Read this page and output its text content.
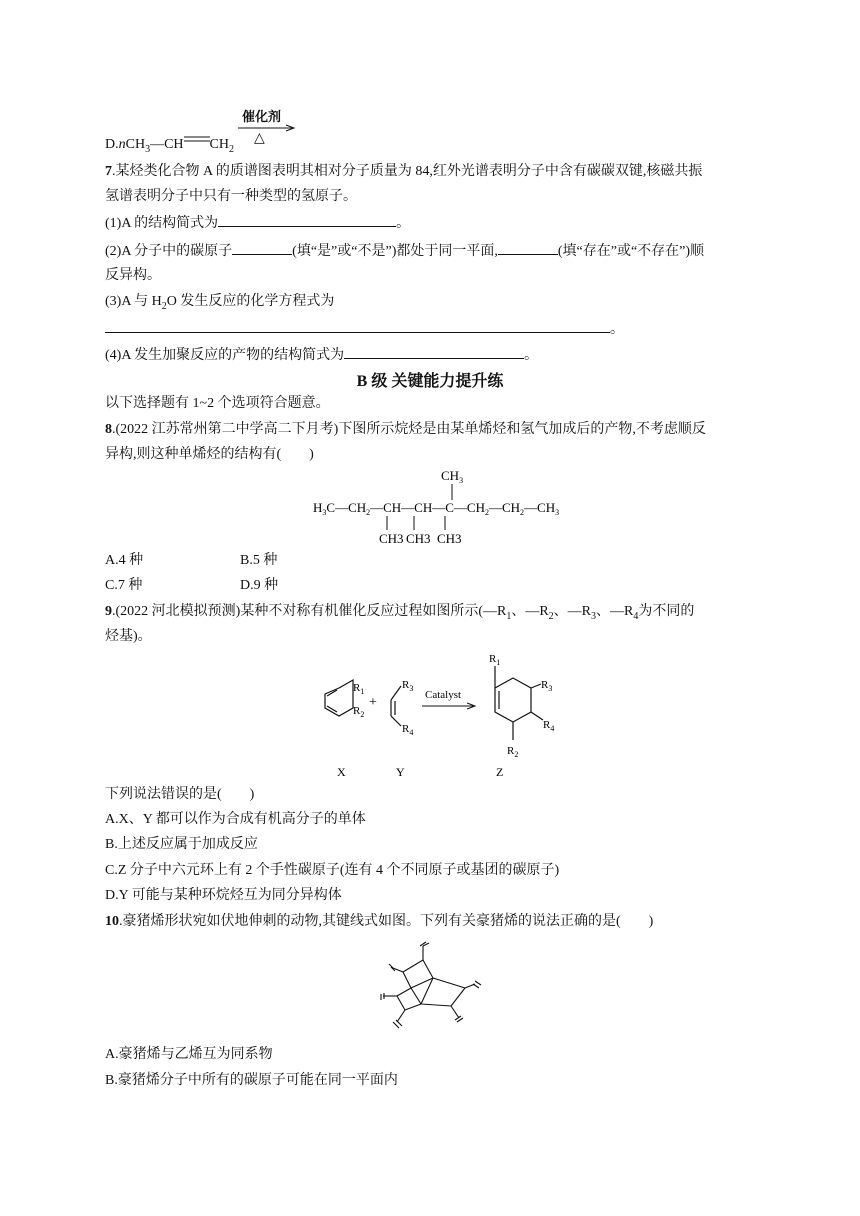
D.nCH$_3$—CH $CH_2$
催化剂
△
7.某烃类化合物 A 的质谱图表明其相对分子质量为 84,红外光谱表明分子中含有碳碳双键,核磁共振
氢谱表明分子中只有一种类型的氢原子。
(1)A 的结构简式为	。
(2)A 分子中的碳原子	(填“是”或“不是”)都处于同一平面,	(填“存在”或“不存在”)顺
反异构。
(3)A 与 $H_2O$ 发生反应的化学方程式为
。
(4)A 发生加聚反应的产物的结构简式为	。
B 级 关键能力提升练
以下选择题有 1~2 个选项符合题意。
8.(2022 江苏常州第二中学高二下月考)下图所示烷烃是由某单烯烃和氢气加成后的产物,不考虑顺反
异构,则这种单烯烃的结构有(　　)
$CH_3$
$H_3C—CH_2—CH—CH—C—CH_2—CH_2—CH_3$
CH3 CH3 CH3
A.4 种	B.5 种
C.7 种	D.9 种
9.(2022 河北模拟预测)某种不对称有机催化反应过程如图所示($—R_1$、$—R_2$、$—R_3$、$—R_4$为不同的
烃基)。
$R_1$
$R_2$
+
$R_3$
$R_4$
Catalyst
$R_1$
$R_3$
$R_4$
$R_2$
X	Y	Z
下列说法错误的是(　　)
A.X、Y 都可以作为合成有机高分子的单体
B.上述反应属于加成反应
C.Z 分子中六元环上有 2 个手性碳原子(连有 4 个不同原子或基团的碳原子)
D.Y 可能与某种环烷烃互为同分异构体
10.豪猪烯形状宛如伏地伸刺的动物,其键线式如图。下列有关豪猪烯的说法正确的是(　　)
A.豪猪烯与乙烯互为同系物
B.豪猪烯分子中所有的碳原子可能在同一平面内
